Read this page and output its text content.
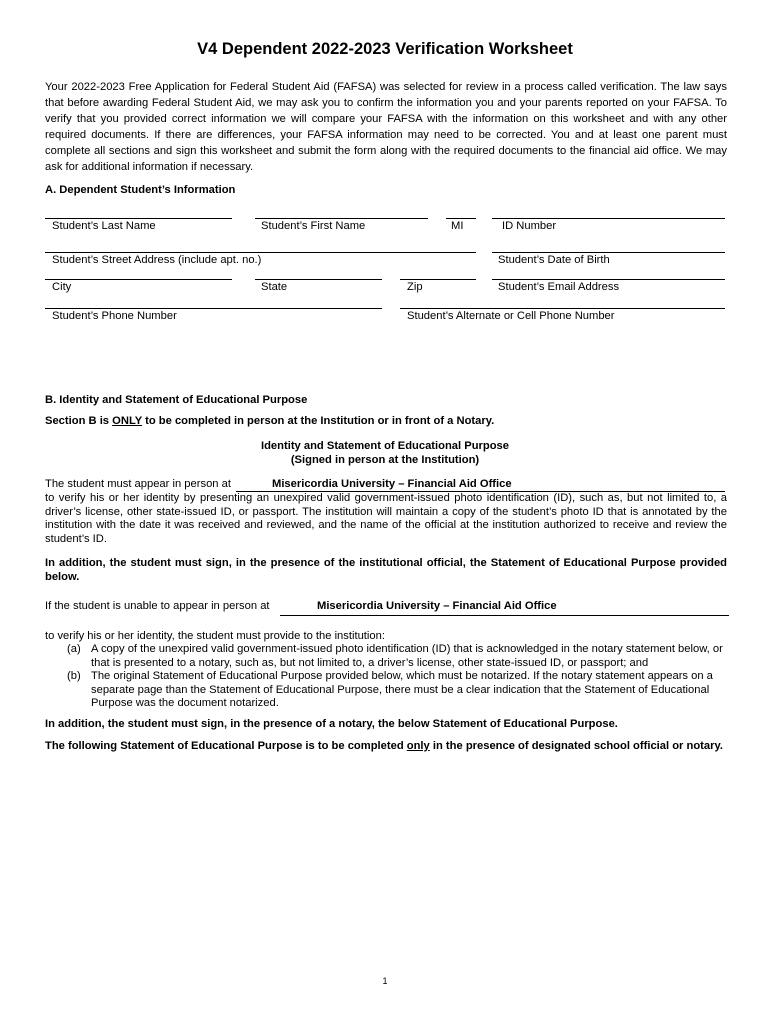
V4 Dependent 2022-2023 Verification Worksheet
Your 2022-2023 Free Application for Federal Student Aid (FAFSA) was selected for review in a process called verification. The law says that before awarding Federal Student Aid, we may ask you to confirm the information you and your parents reported on your FAFSA. To verify that you provided correct information we will compare your FAFSA with the information on this worksheet and with any other required documents. If there are differences, your FAFSA information may need to be corrected. You and at least one parent must complete all sections and sign this worksheet and submit the form along with the required documents to the financial aid office. We may ask for additional information if necessary.
A. Dependent Student’s Information
Student’s Last Name	Student’s First Name	MI	ID Number
Student’s Street Address (include apt. no.)	Student’s Date of Birth
City	State	Zip	Student’s Email Address
Student’s Phone Number	Student’s Alternate or Cell Phone Number
B. Identity and Statement of Educational Purpose
Section B is ONLY to be completed in person at the Institution or in front of a Notary.
Identity and Statement of Educational Purpose
(Signed in person at the Institution)
The student must appear in person at	Misericordia University – Financial Aid Office
to verify his or her identity by presenting an unexpired valid government-issued photo identification (ID), such as, but not limited to, a driver’s license, other state-issued ID, or passport. The institution will maintain a copy of the student’s photo ID that is annotated by the institution with the date it was received and reviewed, and the name of the official at the institution authorized to receive and review the student’s ID.
In addition, the student must sign, in the presence of the institutional official, the Statement of Educational Purpose provided below.
If the student is unable to appear in person at	Misericordia University – Financial Aid Office
to verify his or her identity, the student must provide to the institution:
(a) A copy of the unexpired valid government-issued photo identification (ID) that is acknowledged in the notary statement below, or that is presented to a notary, such as, but not limited to, a driver’s license, other state-issued ID, or passport; and
(b) The original Statement of Educational Purpose provided below, which must be notarized. If the notary statement appears on a separate page than the Statement of Educational Purpose, there must be a clear indication that the Statement of Educational Purpose was the document notarized.
In addition, the student must sign, in the presence of a notary, the below Statement of Educational Purpose.
The following Statement of Educational Purpose is to be completed only in the presence of designated school official or notary.
1
